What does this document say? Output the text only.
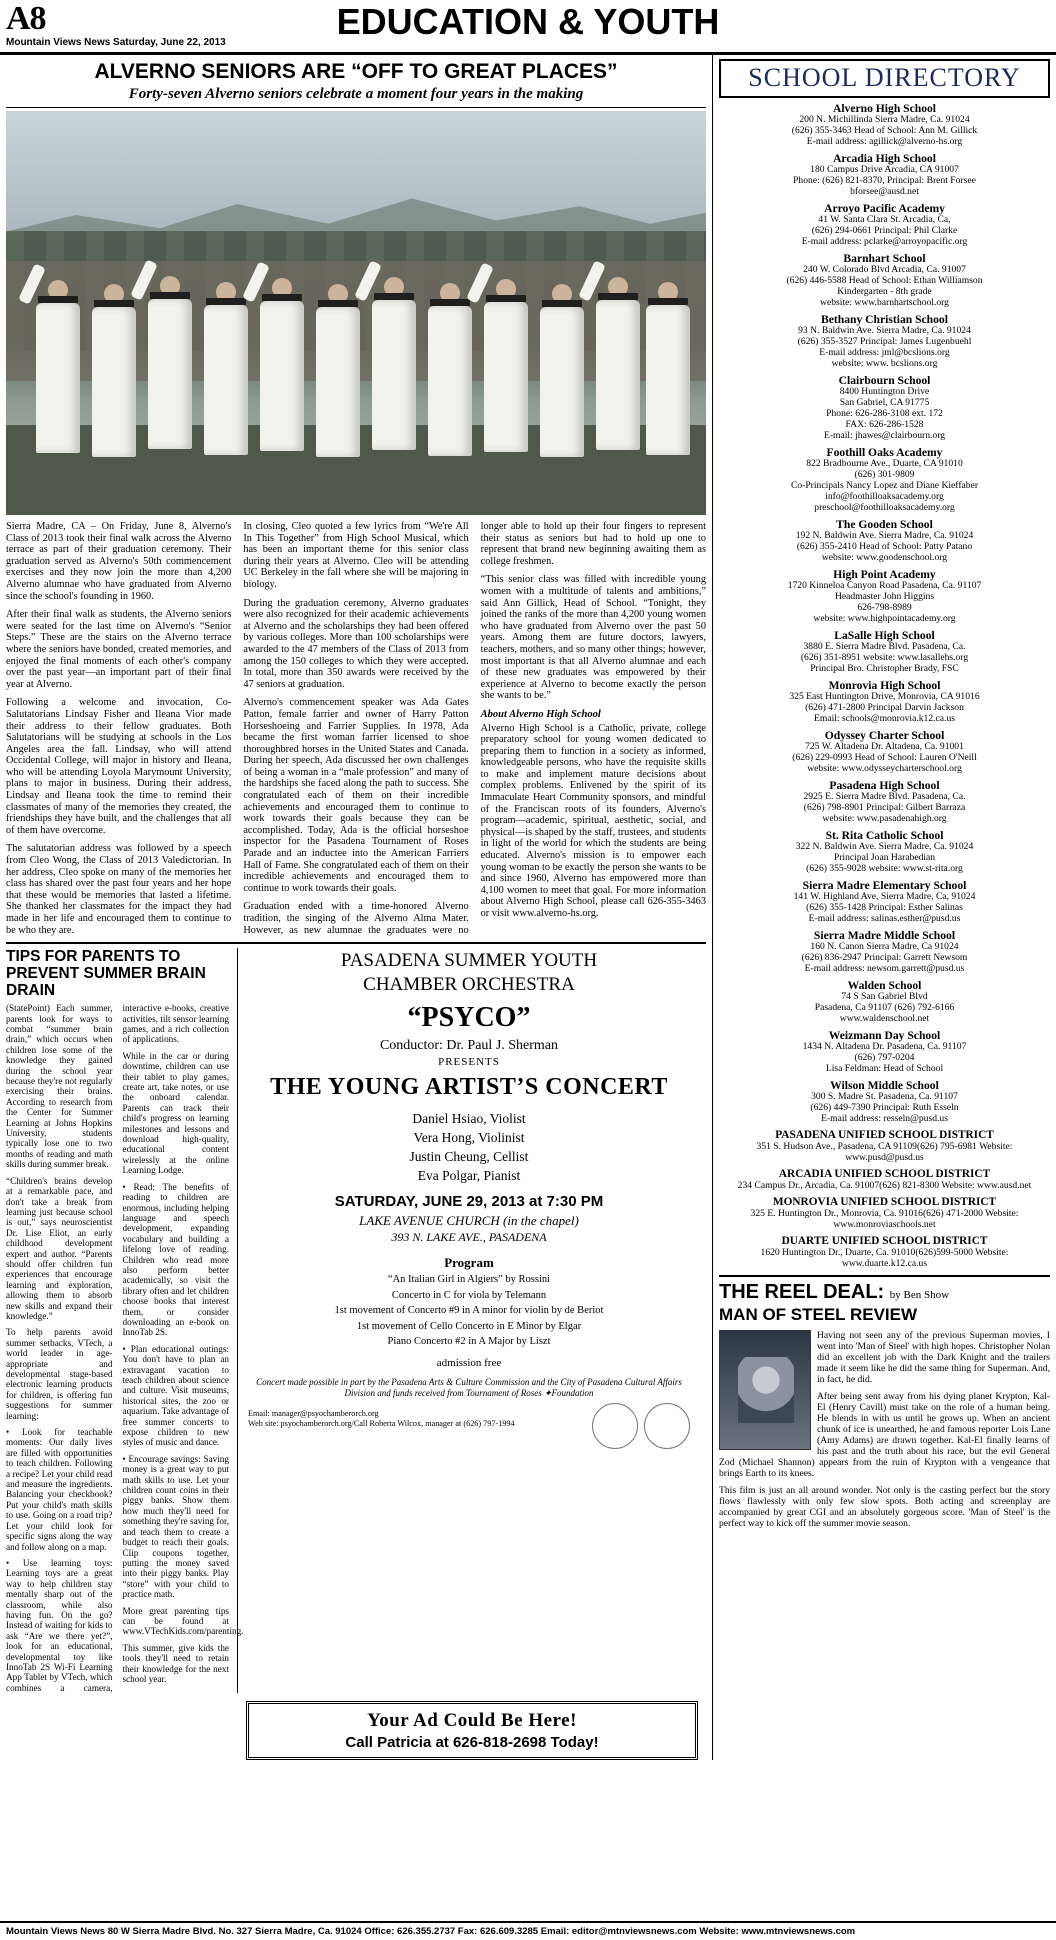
A8
Mountain Views News Saturday, June 22, 2013
EDUCATION & YOUTH
ALVERNO SENIORS ARE “OFF TO GREAT PLACES”
Forty-seven Alverno seniors celebrate a moment four years in the making

Sierra Madre, CA – On Friday, June 8, Alverno's Class of 2013 took their final walk across the Alverno terrace as part of their graduation ceremony. Their graduation served as Alverno's 50th commencement exercises and they now join the more than 4,200 Alverno alumnae who have graduated from Alverno since the school's founding in 1960.

After their final walk as students, the Alverno seniors were seated for the last time on Alverno's “Senior Steps.” These are the stairs on the Alverno terrace where the seniors have bonded, created memories, and enjoyed the final moments of each other's company over the past year—an important part of their final year at Alverno.

Following a welcome and invocation, Co-Salutatorians Lindsay Fisher and Ileana Vior made their address to their fellow graduates. Both Salutatorians will be studying at schools in the Los Angeles area the fall. Lindsay, who will attend Occidental College, will major in history and Ileana, who will be attending Loyola Marymount University, plans to major in business. During their address, Lindsay and Ileana took the time to remind their classmates of many of the memories they created, the friendships they have built, and the challenges that all of them have overcome.

The salutatorian address was followed by a speech from Cleo Wong, the Class of 2013 Valedictorian. In her address, Cleo spoke on many of the memories her class has shared over the past four years and her hope that these would be memories that lasted a lifetime. She thanked her classmates for the impact they had made in her life and encouraged them to continue to be who they are.

In closing, Cleo quoted a few lyrics from “We're All In This Together” from High School Musical, which has been an important theme for this senior class during their years at Alverno. Cleo will be attending UC Berkeley in the fall where she will be majoring in biology.

During the graduation ceremony, Alverno graduates were also recognized for their academic achievements at Alverno and the scholarships they had been offered by various colleges. More than 100 scholarships were awarded to the 47 members of the Class of 2013 from among the 150 colleges to which they were accepted. In total, more than 350 awards were received by the 47 seniors at graduation.

Alverno's commencement speaker was Ada Gates Patton, female farrier and owner of Harry Patton Horseshoeing and Farrier Supplies. In 1978, Ada became the first woman farrier licensed to shoe thoroughbred horses in the United States and Canada. During her speech, Ada discussed her own challenges of being a woman in a “male profession” and many of the hardships she faced along the path to success. She congratulated each of them on their incredible achievements and encouraged them to continue to work towards their goals because they can be accomplished. Today, Ada is the official horseshoe inspector for the Pasadena Tournament of Roses Parade and an inductee into the American Farriers Hall of Fame. She congratulated each of them on their incredible achievements and encouraged them to continue to work towards their goals.

Graduation ended with a time-honored Alverno tradition, the singing of the Alverno Alma Mater. However, as new alumnae the graduates were no longer able to hold up their four fingers to represent their status as seniors but had to hold up one to represent that brand new beginning awaiting them as college freshmen.

“This senior class was filled with incredible young women with a multitude of talents and ambitions,” said Ann Gillick, Head of School. “Tonight, they joined the ranks of the more than 4,200 young women who have graduated from Alverno over the past 50 years. Among them are future doctors, lawyers, teachers, mothers, and so many other things; however, most important is that all Alverno alumnae and each of these new graduates was empowered by their experience at Alverno to become exactly the person she wants to be.”

About Alverno High School

Alverno High School is a Catholic, private, college preparatory school for young women dedicated to preparing them to function in a society as informed, knowledgeable persons, who have the requisite skills to make and implement mature decisions about complex problems. Enlivened by the spirit of its Immaculate Heart Community sponsors, and mindful of the Franciscan roots of its founders, Alverno's program—academic, spiritual, aesthetic, social, and physical—is shaped by the staff, trustees, and students in light of the world for which the students are being educated. Alverno's mission is to empower each young woman to be exactly the person she wants to be and since 1960, Alverno has empowered more than 4,100 women to meet that goal. For more information about Alverno High School, please call 626-355-3463 or visit www.alverno-hs.org.

TIPS FOR PARENTS TO PREVENT SUMMER BRAIN DRAIN

(StatePoint) Each summer, parents look for ways to combat “summer brain drain,” which occurs when children lose some of the knowledge they gained during the school year because they're not regularly exercising their brains. According to research from the Center for Summer Learning at Johns Hopkins University, students typically lose one to two months of reading and math skills during summer break.

“Children's brains develop at a remarkable pace, and don't take a break from learning just because school is out,” says neuroscientist Dr. Lise Eliot, an early childhood development expert and author. “Parents should offer children fun experiences that encourage learning and exploration, allowing them to absorb new skills and expand their knowledge.”

To help parents avoid summer setbacks, VTech, a world leader in age-appropriate and developmental stage-based electronic learning products for children, is offering fun suggestions for summer learning:

• Look for teachable moments: Our daily lives are filled with opportunities to teach children. Following a recipe? Let your child read and measure the ingredients. Balancing your checkbook? Put your child's math skills to use. Going on a road trip? Let your child look for specific signs along the way and follow along on a map.

• Use learning toys: Learning toys are a great way to help children stay mentally sharp out of the classroom, while also having fun. On the go? Instead of waiting for kids to ask “Are we there yet?”, look for an educational, developmental toy like InnoTab 2S Wi-Fi Learning App Tablet by VTech, which combines a camera, interactive e-books, creative activities, tilt sensor learning games, and a rich collection of applications.

While in the car or during downtime, children can use their tablet to play games, create art, take notes, or use the onboard calendar. Parents can track their child's progress on learning milestones and lessons and download high-quality, educational content wirelessly at the online Learning Lodge.

• Read: The benefits of reading to children are enormous, including helping language and speech development, expanding vocabulary and building a lifelong love of reading. Children who read more also perform better academically, so visit the library often and let children choose books that interest them, or consider downloading an e-book on InnoTab 2S.

• Plan educational outings: You don't have to plan an extravagant vacation to teach children about science and culture. Visit museums, historical sites, the zoo or aquarium. Take advantage of free summer concerts to expose children to new styles of music and dance.

• Encourage savings: Saving money is a great way to put math skills to use. Let your children count coins in their piggy banks. Show them how much they'll need for something they're saving for, and teach them to create a budget to reach their goals. Clip coupons together, putting the money saved into their piggy banks. Play “store” with your child to practice math.

More great parenting tips can be found at www.VTechKids.com/parenting.

This summer, give kids the tools they'll need to retain their knowledge for the next school year.

PASADENA SUMMER YOUTH
CHAMBER ORCHESTRA
“PSYCO”
Conductor: Dr. Paul J. Sherman
PRESENTS
THE YOUNG ARTIST’S CONCERT
Daniel Hsiao, Violist
Vera Hong, Violinist
Justin Cheung, Cellist
Eva Polgar, Pianist
SATURDAY, JUNE 29, 2013 at 7:30 PM
LAKE AVENUE CHURCH (in the chapel)
393 N. LAKE AVE., PASADENA
Program
“An Italian Girl in Algiers” by Rossini
Concerto in C for viola by Telemann
1st movement of Concerto #9 in A minor for violin by de Beriot
1st movement of Cello Concerto in E Minor by Elgar
Piano Concerto #2 in A Major by Liszt
admission free
Concert made possible in part by the Pasadena Arts & Culture Commission and the City of Pasadena Cultural Affairs Division and funds received from Tournament of Roses ✦Foundation
Email: manager@psyochamberorch.org
Web site: psyochamberorch.org/Call Roberta Wilcox, manager at (626) 797-1994
Your Ad Could Be Here!
Call Patricia at 626-818-2698 Today!
SCHOOL DIRECTORY
Alverno High School
200 N. Michillinda Sierra Madre, Ca. 91024
(626) 355-3463 Head of School: Ann M. Gillick
E-mail address: agillick@alverno-hs.org
Arcadia High School
180 Campus Drive Arcadia, CA 91007
Phone: (626) 821-8370, Principal: Brent Forsee
bforsee@ausd.net
Arroyo Pacific Academy
41 W. Santa Clara St. Arcadia, Ca,
(626) 294-0661 Principal: Phil Clarke
E-mail address: pclarke@arroyopacific.org
Barnhart School
240 W. Colorado Blvd Arcadia, Ca. 91007
(626) 446-5588 Head of School: Ethan Williamson
Kindergarten - 8th grade
website: www.barnhartschool.org
Bethany Christian School
93 N. Baldwin Ave. Sierra Madre, Ca. 91024
(626) 355-3527 Principal: James Lugenbuehl
E-mail address: jml@bcslions.org
website: www. bcslions.org
Clairbourn School
8400 Huntington Drive
San Gabriel, CA 91775
Phone: 626-286-3108 ext. 172
FAX: 626-286-1528
E-mail: jhawes@clairbourn.org
Foothill Oaks Academy
822 Bradbourne Ave., Duarte, CA 91010
(626) 301-9809
Co-Principals Nancy Lopez and Diane Kieffaber
info@foothilloaksacademy.org
preschool@foothilloaksacademy.org
The Gooden School
192 N. Baldwin Ave. Sierra Madre, Ca. 91024
(626) 355-2410 Head of School: Patty Patano
website: www.goodenschool.org
High Point Academy
1720 Kinneloa Canyon Road Pasadena, Ca. 91107
Headmaster John Higgins
626-798-8989
website: www.highpointacademy.org
LaSalle High School
3880 E. Sierra Madre Blvd. Pasadena, Ca.
(626) 351-8951 website: www.lasallehs.org
Principal Bro. Christopher Brady, FSC
Monrovia High School
325 East Huntington Drive, Monrovia, CA 91016
(626) 471-2800 Principal Darvin Jackson
Email: schools@monrovia.k12.ca.us
Odyssey Charter School
725 W. Altadena Dr. Altadena, Ca. 91001
(626) 229-0993 Head of School: Lauren O'Neill
website: www.odysseycharterschool.org
Pasadena High School
2925 E. Sierra Madre Blvd. Pasadena, Ca.
(626) 798-8901 Principal: Gilbert Barraza
website: www.pasadenahigh.org
St. Rita Catholic School
322 N. Baldwin Ave. Sierra Madre, Ca. 91024
Principal Joan Harabedian
(626) 355-9028 website: www.st-rita.org
Sierra Madre Elementary School
141 W. Highland Ave, Sierra Madre, Ca, 91024
(626) 355-1428 Principal: Esther Salinas
E-mail address: salinas.esther@pusd.us
Sierra Madre Middle School
160 N. Canon Sierra Madre, Ca 91024
(626) 836-2947 Principal: Garrett Newsom
E-mail address: newsom.garrett@pusd.us
Walden School
74 S San Gabriel Blvd
Pasadena, Ca 91107 (626) 792-6166
www.waldenschool.net
Weizmann Day School
1434 N. Altadena Dr. Pasadena, Ca. 91107
(626) 797-0204
Lisa Feldman: Head of School
Wilson Middle School
300 S. Madre St. Pasadena, Ca. 91107
(626) 449-7390 Principal: Ruth Esseln
E-mail address: resseln@pusd.us
PASADENA UNIFIED SCHOOL DISTRICT
351 S. Hudson Ave., Pasadena, CA 91109(626) 795-6981 Website: www.pusd@pusd.us
ARCADIA UNIFIED SCHOOL DISTRICT
234 Campus Dr., Arcadia, Ca. 91007(626) 821-8300 Website: www.ausd.net
MONROVIA UNIFIED SCHOOL DISTRICT
325 E. Huntington Dr., Monrovia, Ca. 91016(626) 471-2000 Website: www.monroviaschools.net
DUARTE UNIFIED SCHOOL DISTRICT
1620 Huntington Dr., Duarte, Ca. 91010(626)599-5000 Website: www.duarte.k12.ca.us
THE REEL DEAL: by Ben Show
MAN OF STEEL REVIEW

Having not seen any of the previous Superman movies, I went into 'Man of Steel' with high hopes. Christopher Nolan did an excellent job with the Dark Knight and the trailers made it seem like he did the same thing for Superman. And, in fact, he did.

After being sent away from his dying planet Krypton, Kal-El (Henry Cavill) must take on the role of a human being. He blends in with us until he grows up. When an ancient chunk of ice is unearthed, he and famous reporter Lois Lane (Amy Adams) are drawn together. Kal-El finally learns of his past and the truth about his race, but the evil General Zod (Michael Shannon) appears from the ruin of Krypton with a vengeance that brings Earth to its knees.

This film is just an all around wonder. Not only is the casting perfect but the story flows flawlessly with only few slow spots. Both acting and screenplay are accompanied by great CGI and an absolutely gorgeous score. 'Man of Steel' is the perfect way to kick off the summer movie season.

Mountain Views News 80 W Sierra Madre Blvd. No. 327 Sierra Madre, Ca. 91024 Office: 626.355.2737 Fax: 626.609.3285 Email: editor@mtnviewsnews.com Website: www.mtnviewsnews.com
